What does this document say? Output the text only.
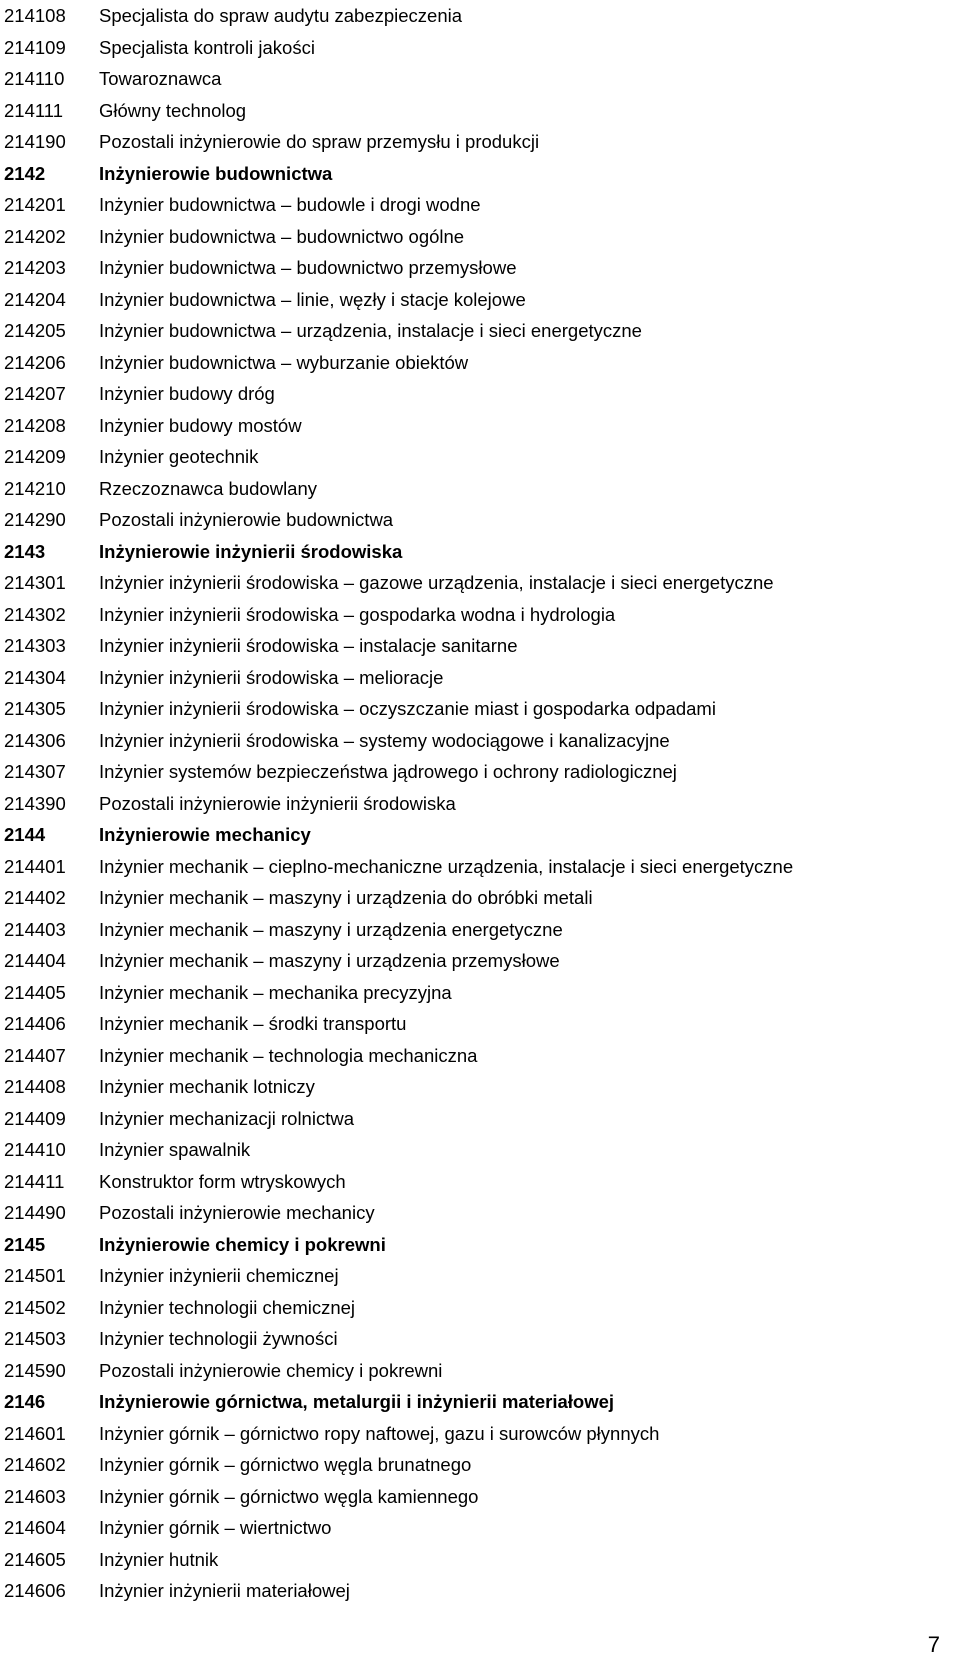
214108	Specjalista do spraw audytu zabezpieczenia
214109	Specjalista kontroli jakości
214110	Towaroznawca
214111	Główny technolog
214190	Pozostali inżynierowie do spraw przemysłu i produkcji
2142	Inżynierowie budownictwa
214201	Inżynier budownictwa – budowle i drogi wodne
214202	Inżynier budownictwa – budownictwo ogólne
214203	Inżynier budownictwa – budownictwo przemysłowe
214204	Inżynier budownictwa – linie, węzły i stacje kolejowe
214205	Inżynier budownictwa – urządzenia, instalacje i sieci energetyczne
214206	Inżynier budownictwa – wyburzanie obiektów
214207	Inżynier budowy dróg
214208	Inżynier budowy mostów
214209	Inżynier geotechnik
214210	Rzeczoznawca budowlany
214290	Pozostali inżynierowie budownictwa
2143	Inżynierowie inżynierii środowiska
214301	Inżynier inżynierii środowiska – gazowe urządzenia, instalacje i sieci energetyczne
214302	Inżynier inżynierii środowiska – gospodarka wodna i hydrologia
214303	Inżynier inżynierii środowiska – instalacje sanitarne
214304	Inżynier inżynierii środowiska – melioracje
214305	Inżynier inżynierii środowiska – oczyszczanie miast i gospodarka odpadami
214306	Inżynier inżynierii środowiska – systemy wodociągowe i kanalizacyjne
214307	Inżynier systemów bezpieczeństwa jądrowego i ochrony radiologicznej
214390	Pozostali inżynierowie inżynierii środowiska
2144	Inżynierowie mechanicy
214401	Inżynier mechanik – cieplno-mechaniczne urządzenia, instalacje i sieci energetyczne
214402	Inżynier mechanik – maszyny i urządzenia do obróbki metali
214403	Inżynier mechanik – maszyny i urządzenia energetyczne
214404	Inżynier mechanik – maszyny i urządzenia przemysłowe
214405	Inżynier mechanik – mechanika precyzyjna
214406	Inżynier mechanik – środki transportu
214407	Inżynier mechanik – technologia mechaniczna
214408	Inżynier mechanik lotniczy
214409	Inżynier mechanizacji rolnictwa
214410	Inżynier spawalnik
214411	Konstruktor form wtryskowych
214490	Pozostali inżynierowie mechanicy
2145	Inżynierowie chemicy i pokrewni
214501	Inżynier inżynierii chemicznej
214502	Inżynier technologii chemicznej
214503	Inżynier technologii żywności
214590	Pozostali inżynierowie chemicy i pokrewni
2146	Inżynierowie górnictwa, metalurgii i inżynierii materiałowej
214601	Inżynier górnik – górnictwo ropy naftowej, gazu i surowców płynnych
214602	Inżynier górnik – górnictwo węgla brunatnego
214603	Inżynier górnik – górnictwo węgla kamiennego
214604	Inżynier górnik – wiertnictwo
214605	Inżynier hutnik
214606	Inżynier inżynierii materiałowej
7
